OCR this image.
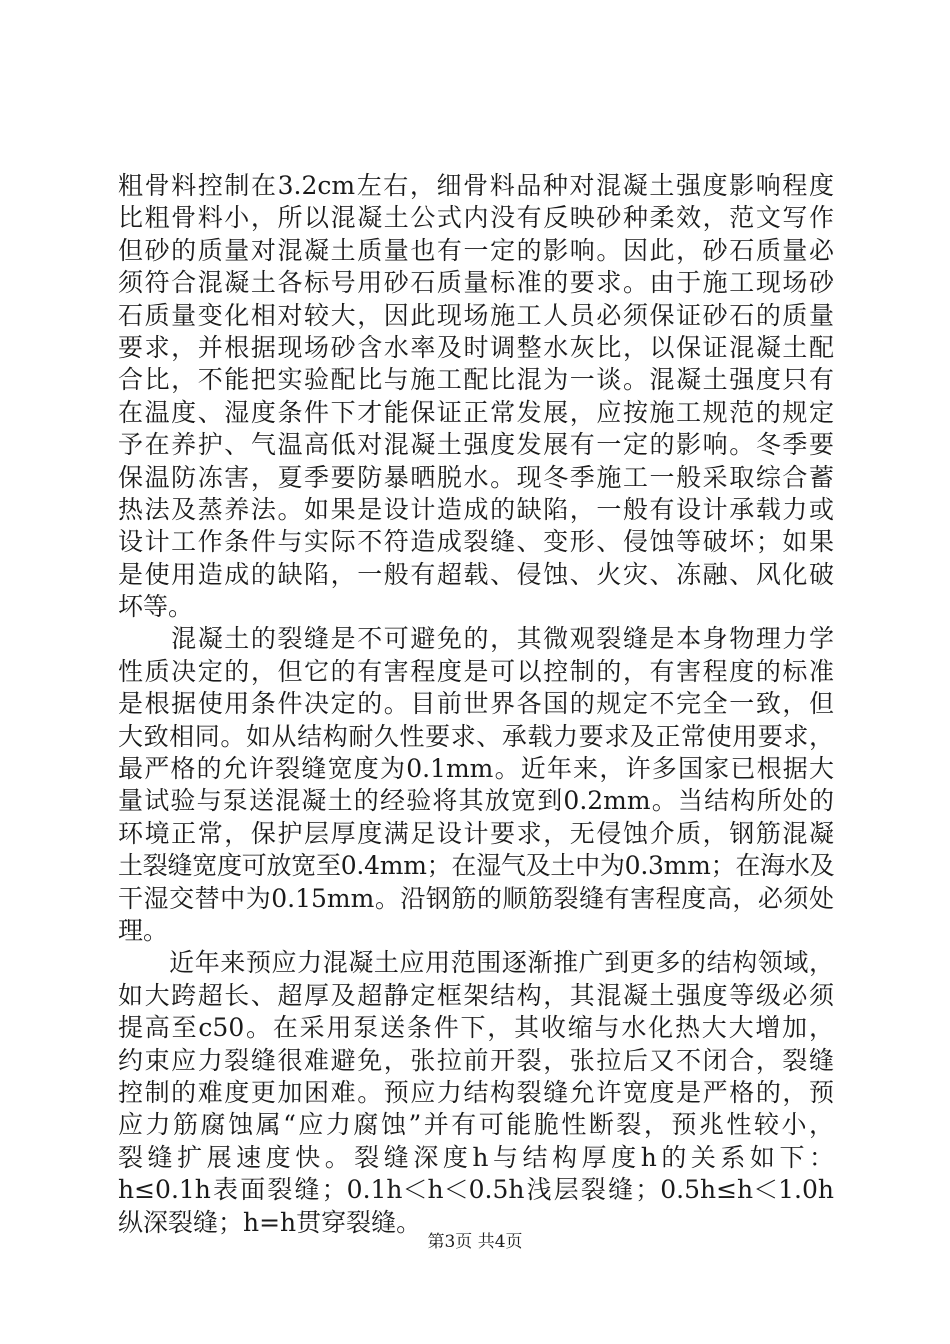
粗骨料控制在3.2cm左右，细骨料品种对混凝土强度影响程度
比粗骨料小，所以混凝土公式内没有反映砂种柔效，范文写作
但砂的质量对混凝土质量也有一定的影响。因此，砂石质量必
须符合混凝土各标号用砂石质量标准的要求。由于施工现场砂
石质量变化相对较大，因此现场施工人员必须保证砂石的质量
要求，并根据现场砂含水率及时调整水灰比，以保证混凝土配
合比，不能把实验配比与施工配比混为一谈。混凝土强度只有
在温度、湿度条件下才能保证正常发展，应按施工规范的规定
予在养护、气温高低对混凝土强度发展有一定的影响。冬季要
保温防冻害，夏季要防暴晒脱水。现冬季施工一般采取综合蓄
热法及蒸养法。如果是设计造成的缺陷，一般有设计承载力或
设计工作条件与实际不符造成裂缝、变形、侵蚀等破坏；如果
是使用造成的缺陷，一般有超载、侵蚀、火灾、冻融、风化破
坏等。
　　混凝土的裂缝是不可避免的，其微观裂缝是本身物理力学
性质决定的，但它的有害程度是可以控制的，有害程度的标准
是根据使用条件决定的。目前世界各国的规定不完全一致，但
大致相同。如从结构耐久性要求、承载力要求及正常使用要求，
最严格的允许裂缝宽度为0.1mm。近年来，许多国家已根据大
量试验与泵送混凝土的经验将其放宽到0.2mm。当结构所处的
环境正常，保护层厚度满足设计要求，无侵蚀介质，钢筋混凝
土裂缝宽度可放宽至0.4mm；在湿气及土中为0.3mm；在海水及
干湿交替中为0.15mm。沿钢筋的顺筋裂缝有害程度高，必须处
理。
　　近年来预应力混凝土应用范围逐渐推广到更多的结构领域，
如大跨超长、超厚及超静定框架结构，其混凝土强度等级必须
提高至c50。在采用泵送条件下，其收缩与水化热大大增加，
约束应力裂缝很难避免，张拉前开裂，张拉后又不闭合，裂缝
控制的难度更加困难。预应力结构裂缝允许宽度是严格的，预
应力筋腐蚀属“应力腐蚀”并有可能脆性断裂，预兆性较小，
裂缝扩展速度快。裂缝深度h与结构厚度h的关系如下：
h≤0.1h表面裂缝；0.1h＜h＜0.5h浅层裂缝；0.5h≤h＜1.0h
纵深裂缝；h=h贯穿裂缝。
第3页 共4页
